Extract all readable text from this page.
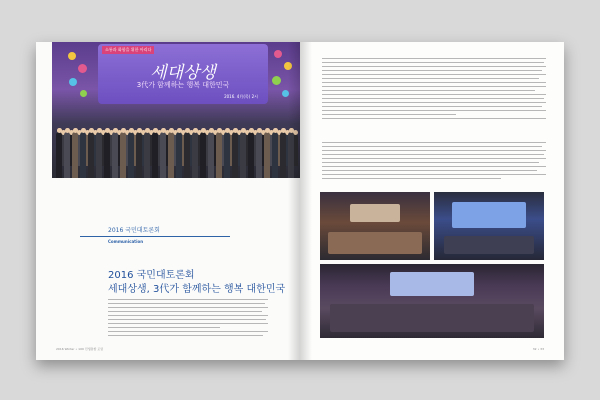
소통과 화합을 위한 아리다
세대상생
3代가 함께하는 행복 대한민국
2016. 4月(목) 2시
2016 국민대토론회
Communication
2016 국민대토론회
세대상생, 3代가 함께하는 행복 대한민국
2016 Winter • 100 민생통합 포럼	32 • 33
